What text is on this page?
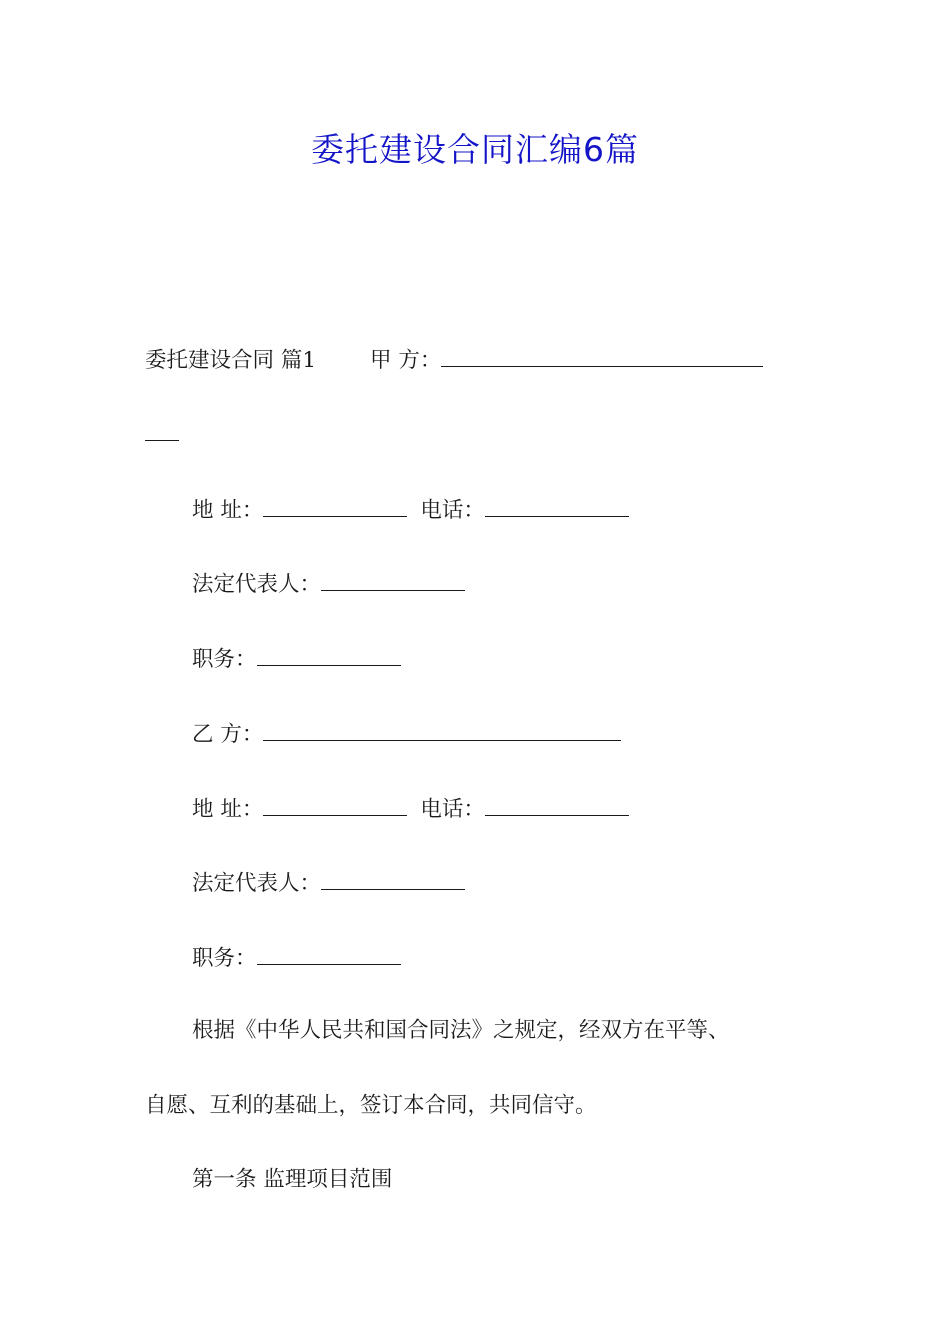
委托建设合同汇编6篇
委托建设合同 篇1	甲 方：
地 址：	电话：
法定代表人：
职务：
乙 方：
地 址：	电话：
法定代表人：
职务：
根据《中华人民共和国合同法》之规定，经双方在平等、
自愿、互利的基础上，签订本合同，共同信守。
第一条 监理项目范围
